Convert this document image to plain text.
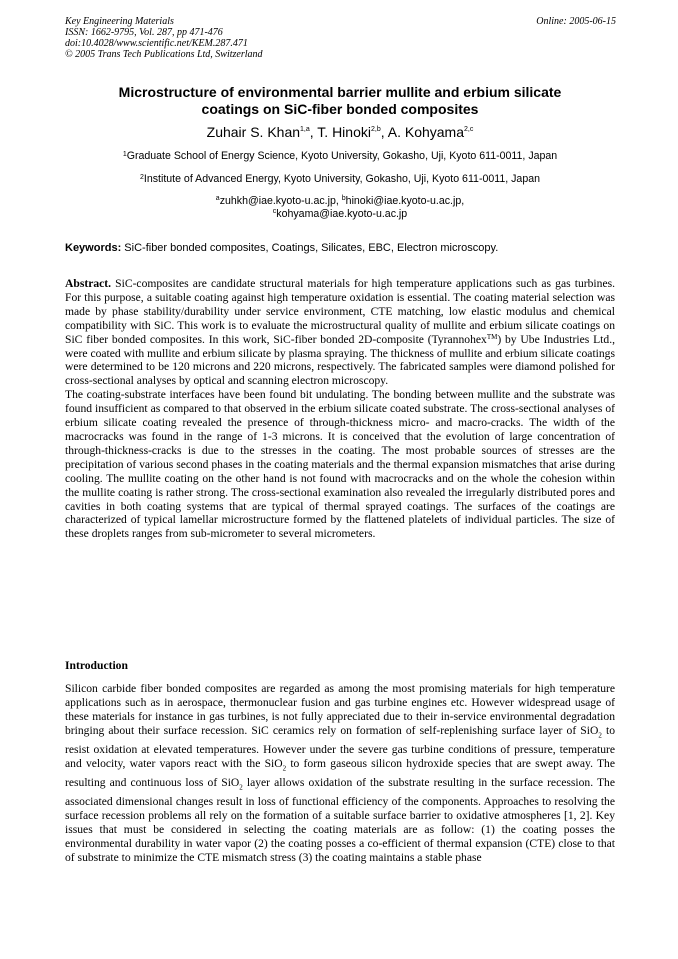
Key Engineering Materials
ISSN: 1662-9795, Vol. 287, pp 471-476
doi:10.4028/www.scientific.net/KEM.287.471
© 2005 Trans Tech Publications Ltd, Switzerland
Online: 2005-06-15
Microstructure of environmental barrier mullite and erbium silicate
coatings on SiC-fiber bonded composites
Zuhair S. Khan$^{1,a}$, T. Hinoki$^{2,b}$, A. Kohyama$^{2,c}$
$^1$Graduate School of Energy Science, Kyoto University, Gokasho, Uji, Kyoto 611-0011, Japan
$^2$Institute of Advanced Energy, Kyoto University, Gokasho, Uji, Kyoto 611-0011, Japan
$^a$zuhkh@iae.kyoto-u.ac.jp, $^b$hinoki@iae.kyoto-u.ac.jp,
$^c$kohyama@iae.kyoto-u.ac.jp
Keywords: SiC-fiber bonded composites, Coatings, Silicates, EBC, Electron microscopy.

Abstract. SiC-composites are candidate structural materials for high temperature applications such as gas turbines. For this purpose, a suitable coating against high temperature oxidation is essential. The coating material selection was made by phase stability/durability under service environment, CTE matching, low elastic modulus and chemical compatibility with SiC. This work is to evaluate the microstructural quality of mullite and erbium silicate coatings on SiC fiber bonded composites. In this work, SiC-fiber bonded 2D-composite (Tyrannohex™) by Ube Industries Ltd., were coated with mullite and erbium silicate by plasma spraying. The thickness of mullite and erbium silicate coatings were determined to be 120 microns and 220 microns, respectively. The fabricated samples were diamond polished for cross-sectional analyses by optical and scanning electron microscopy.

The coating-substrate interfaces have been found bit undulating. The bonding between mullite and the substrate was found insufficient as compared to that observed in the erbium silicate coated substrate. The cross-sectional analyses of erbium silicate coating revealed the presence of through-thickness micro- and macro-cracks. The width of the macrocracks was found in the range of 1-3 microns. It is conceived that the evolution of large concentration of through-thickness-cracks is due to the stresses in the coating. The most probable sources of stresses are the precipitation of various second phases in the coating materials and the thermal expansion mismatches that arise during cooling. The mullite coating on the other hand is not found with macrocracks and on the whole the cohesion within the mullite coating is rather strong. The cross-sectional examination also revealed the irregularly distributed pores and cavities in both coating systems that are typical of thermal sprayed coatings. The surfaces of the coatings are characterized of typical lamellar microstructure formed by the flattened platelets of individual particles. The size of these droplets ranges from sub-micrometer to several micrometers.

Introduction

Silicon carbide fiber bonded composites are regarded as among the most promising materials for high temperature applications such as in aerospace, thermonuclear fusion and gas turbine engines etc. However widespread usage of these materials for instance in gas turbines, is not fully appreciated due to their in-service environmental degradation bringing about their surface recession. SiC ceramics rely on formation of self-replenishing surface layer of SiO$_2$ to resist oxidation at elevated temperatures. However under the severe gas turbine conditions of pressure, temperature and velocity, water vapors react with the SiO$_2$ to form gaseous silicon hydroxide species that are swept away. The resulting and continuous loss of SiO$_2$ layer allows oxidation of the substrate resulting in the surface recession. The associated dimensional changes result in loss of functional efficiency of the components. Approaches to resolving the surface recession problems all rely on the formation of a suitable surface barrier to oxidative atmospheres [1, 2]. Key issues that must be considered in selecting the coating materials are as follow: (1) the coating posses the environmental durability in water vapor (2) the coating posses a co-efficient of thermal expansion (CTE) close to that of substrate to minimize the CTE mismatch stress (3) the coating maintains a stable phase
